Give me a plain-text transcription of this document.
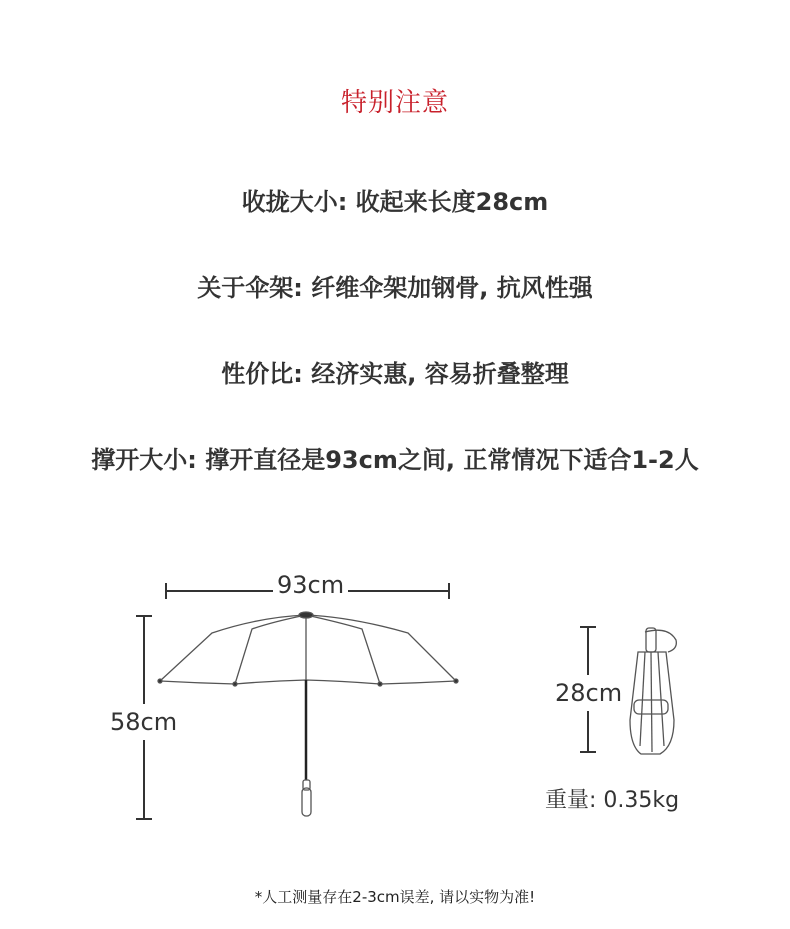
特别注意
收拢大小: 收起来长度28cm
关于伞架: 纤维伞架加钢骨, 抗风性强
性价比: 经济实惠, 容易折叠整理
撑开大小: 撑开直径是93cm之间, 正常情况下适合1-2人
93cm
58cm
28cm
重量: 0.35kg
*人工测量存在2-3cm误差, 请以实物为准!
